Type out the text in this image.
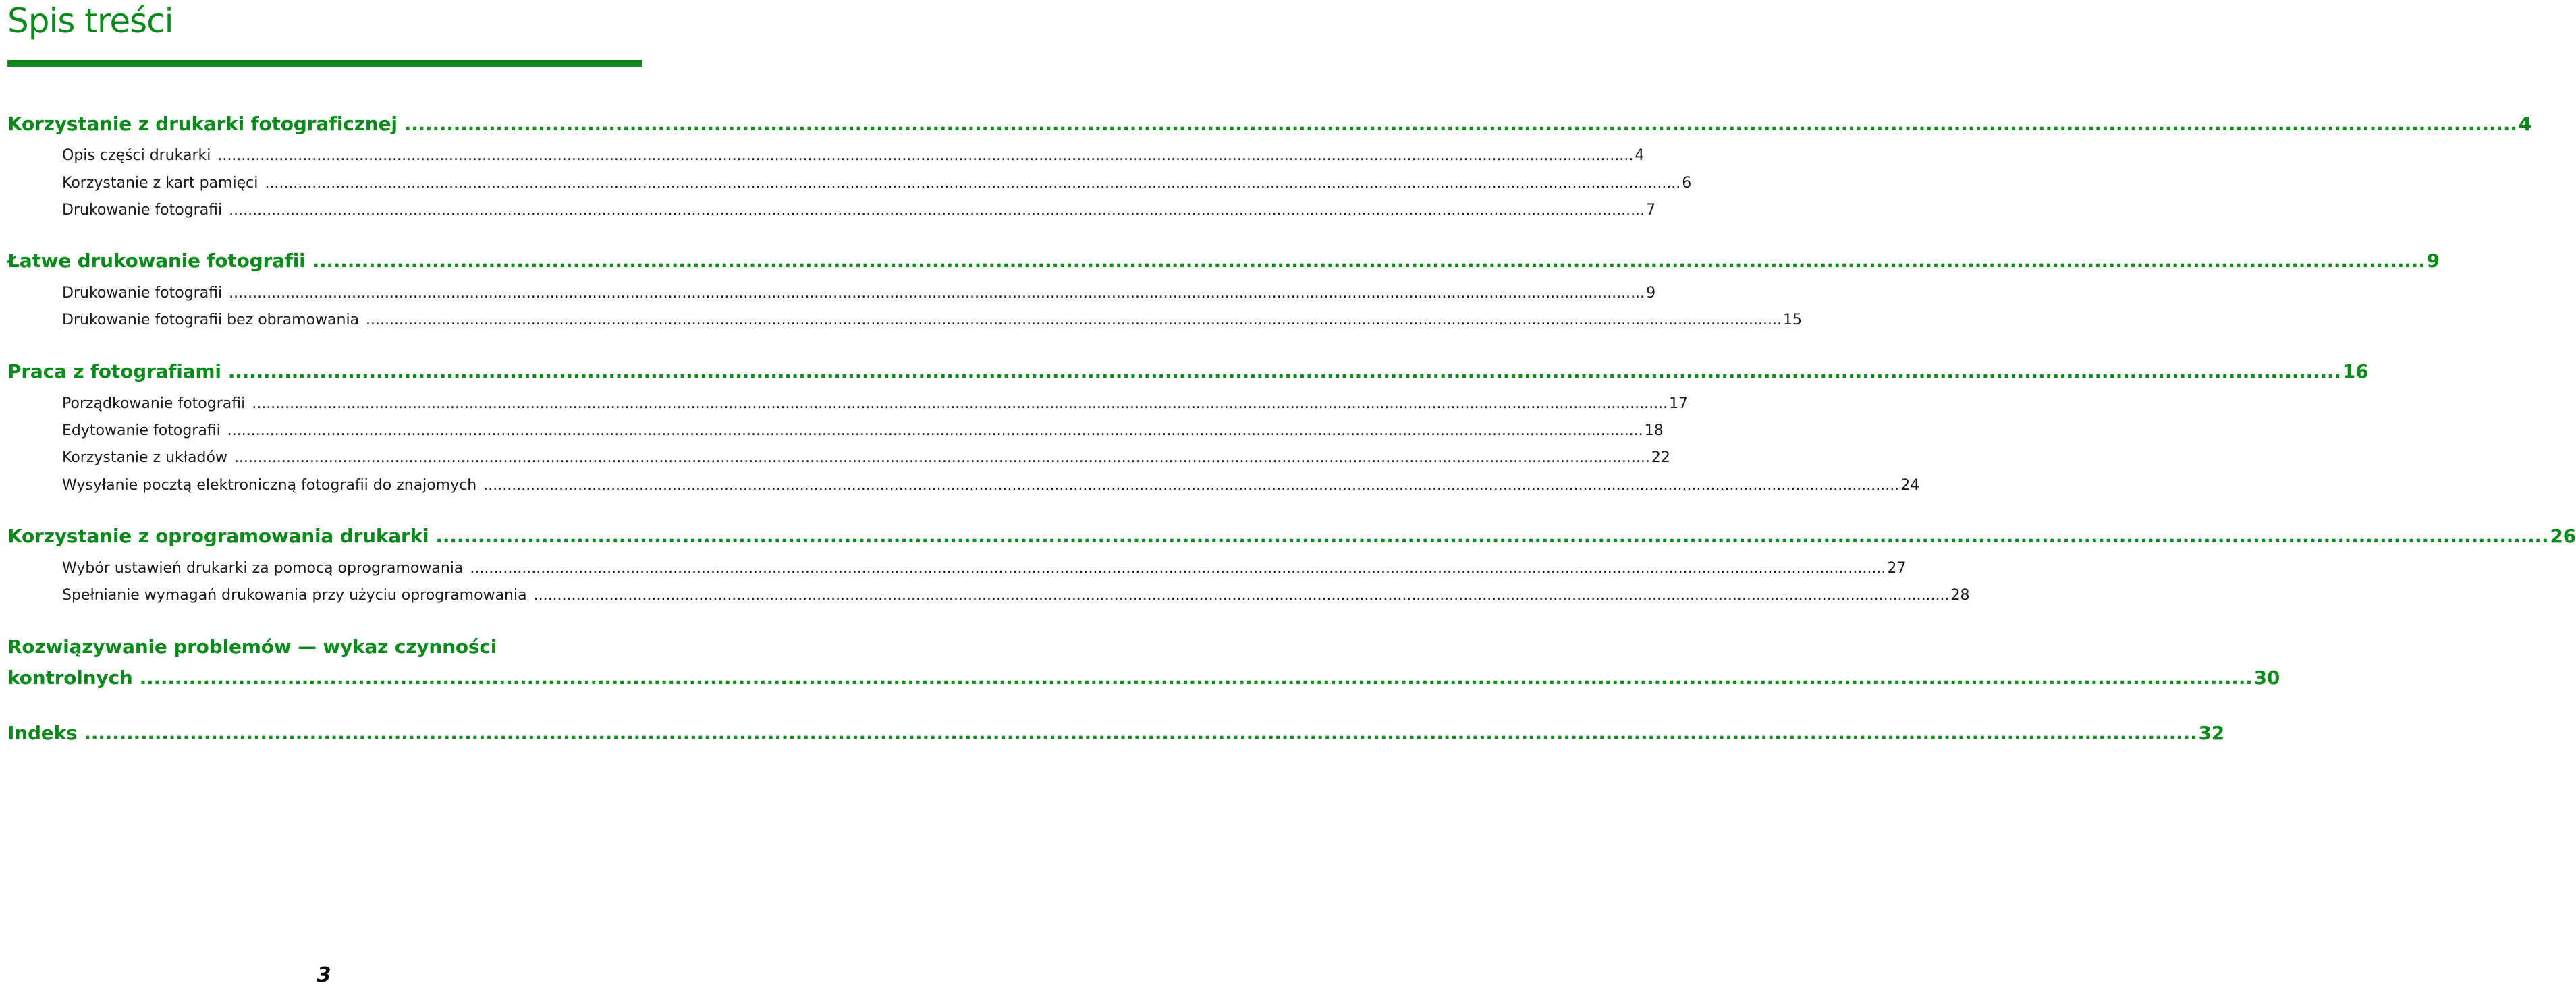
Spis treści
Korzystanie z drukarki fotograficznej ............................................................................................................................................................................................................................................................................................................ 4
Opis części drukarki ............................................................................................................................................................................................................................................................................................................ 4
Korzystanie z kart pamięci ............................................................................................................................................................................................................................................................................................................ 6
Drukowanie fotografii ............................................................................................................................................................................................................................................................................................................ 7
Łatwe drukowanie fotografii ............................................................................................................................................................................................................................................................................................................ 9
Drukowanie fotografii ............................................................................................................................................................................................................................................................................................................ 9
Drukowanie fotografii bez obramowania ............................................................................................................................................................................................................................................................................................................ 15
Praca z fotografiami ............................................................................................................................................................................................................................................................................................................ 16
Porządkowanie fotografii ............................................................................................................................................................................................................................................................................................................ 17
Edytowanie fotografii ............................................................................................................................................................................................................................................................................................................ 18
Korzystanie z układów ............................................................................................................................................................................................................................................................................................................ 22
Wysyłanie pocztą elektroniczną fotografii do znajomych ............................................................................................................................................................................................................................................................................................................ 24
Korzystanie z oprogramowania drukarki ............................................................................................................................................................................................................................................................................................................ 26
Wybór ustawień drukarki za pomocą oprogramowania ............................................................................................................................................................................................................................................................................................................ 27
Spełnianie wymagań drukowania przy użyciu oprogramowania ............................................................................................................................................................................................................................................................................................................ 28
Rozwiązywanie problemów — wykaz czynności
kontrolnych ............................................................................................................................................................................................................................................................................................................ 30
Indeks ............................................................................................................................................................................................................................................................................................................ 32
3
